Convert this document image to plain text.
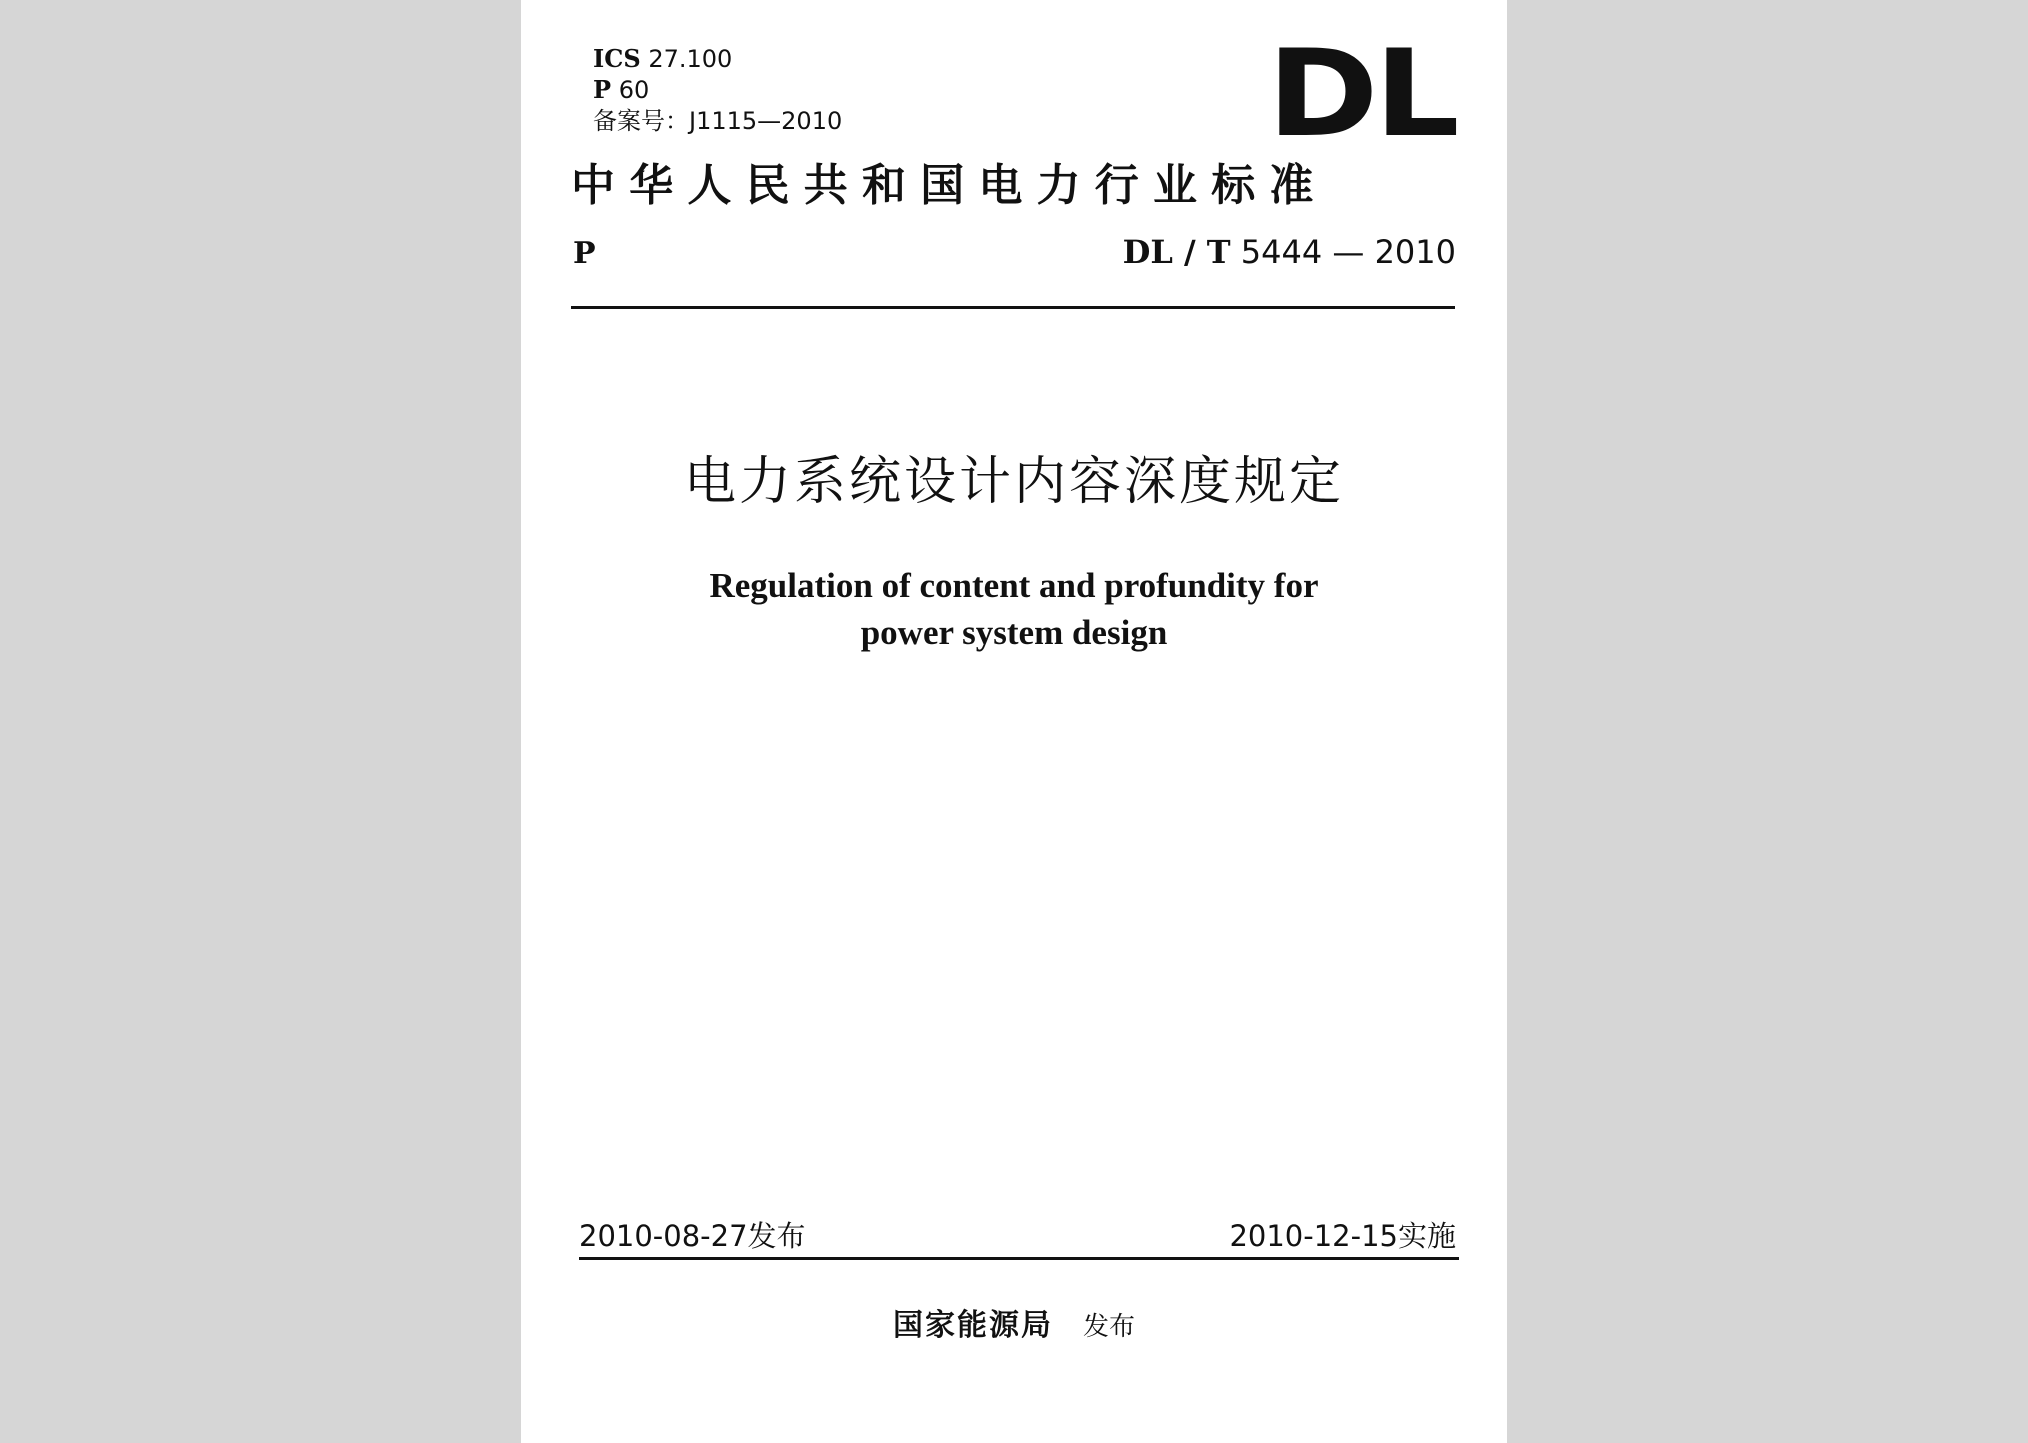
ICS 27.100
P 60
备案号：J1115—2010	DL
中华人民共和国电力行业标准
P	DL / T 5444 — 2010
电力系统设计内容深度规定
Regulation of content and profundity for
power system design
2010-08-27发布	2010-12-15实施
国家能源局 发布
